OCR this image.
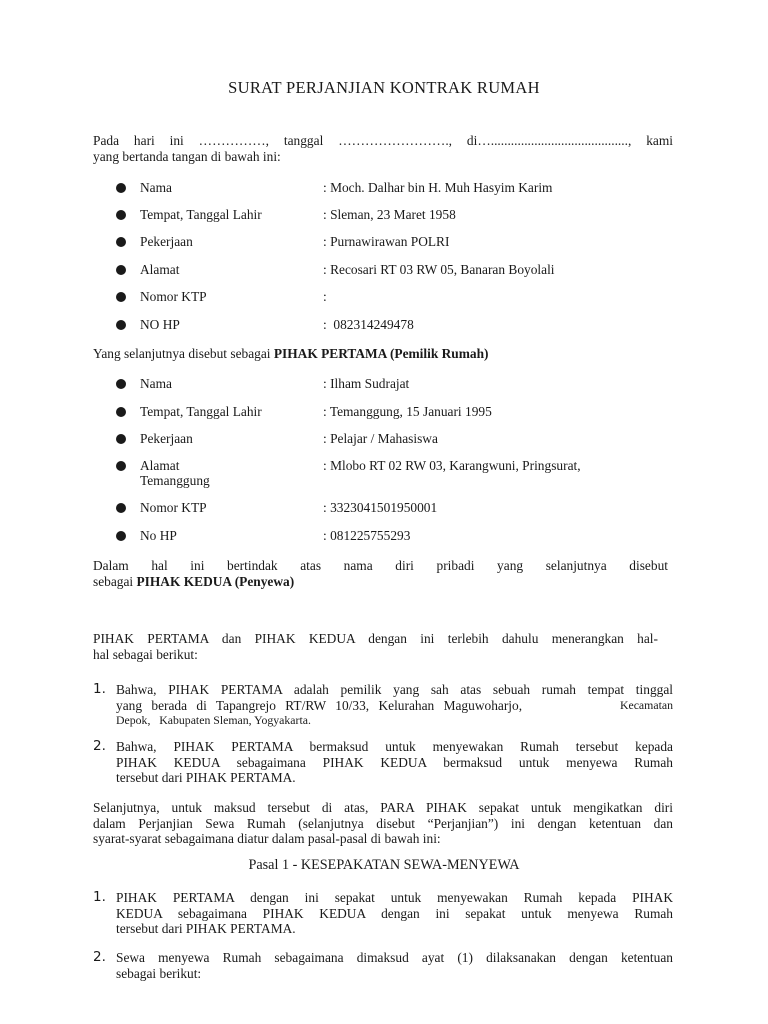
SURAT PERJANJIAN KONTRAK RUMAH
Pada hari ini ……………, tanggal ……………………., di…........................................., kami
yang bertanda tangan di bawah ini:
Nama	: Moch. Dalhar bin H. Muh Hasyim Karim
Tempat, Tanggal Lahir	: Sleman, 23 Maret 1958
Pekerjaan	: Purnawirawan POLRI
Alamat	: Recosari RT 03 RW 05, Banaran Boyolali
Nomor KTP	:
NO HP	:  082314249478
Yang selanjutnya disebut sebagai PIHAK PERTAMA (Pemilik Rumah)
Nama	: Ilham Sudrajat
Tempat, Tanggal Lahir	: Temanggung, 15 Januari 1995
Pekerjaan	: Pelajar / Mahasiswa
Alamat	: Mlobo RT 02 RW 03, Karangwuni, Pringsurat,
Temanggung
Nomor KTP	: 3323041501950001
No HP	: 081225755293
Dalam hal ini bertindak atas nama diri pribadi yang selanjutnya disebut
sebagai PIHAK KEDUA (Penyewa)
PIHAK PERTAMA dan PIHAK KEDUA dengan ini terlebih dahulu menerangkan hal-
hal sebagai berikut:
1. Bahwa, PIHAK PERTAMA adalah pemilik yang sah atas sebuah rumah tempat tinggal
yang berada di Tapangrejo RT/RW 10/33, Kelurahan Maguwoharjo,	Kecamatan
Depok,   Kabupaten Sleman, Yogyakarta.
2. Bahwa, PIHAK PERTAMA bermaksud untuk menyewakan Rumah tersebut kepada
PIHAK KEDUA sebagaimana PIHAK KEDUA bermaksud untuk menyewa Rumah
tersebut dari PIHAK PERTAMA.
Selanjutnya, untuk maksud tersebut di atas, PARA PIHAK sepakat untuk mengikatkan diri
dalam Perjanjian Sewa Rumah (selanjutnya disebut “Perjanjian”) ini dengan ketentuan dan
syarat-syarat sebagaimana diatur dalam pasal-pasal di bawah ini:
Pasal 1 - KESEPAKATAN SEWA-MENYEWA
1. PIHAK PERTAMA dengan ini sepakat untuk menyewakan Rumah kepada PIHAK
KEDUA sebagaimana PIHAK KEDUA dengan ini sepakat untuk menyewa Rumah
tersebut dari PIHAK PERTAMA.
2. Sewa menyewa Rumah sebagaimana dimaksud ayat (1) dilaksanakan dengan ketentuan
sebagai berikut:
